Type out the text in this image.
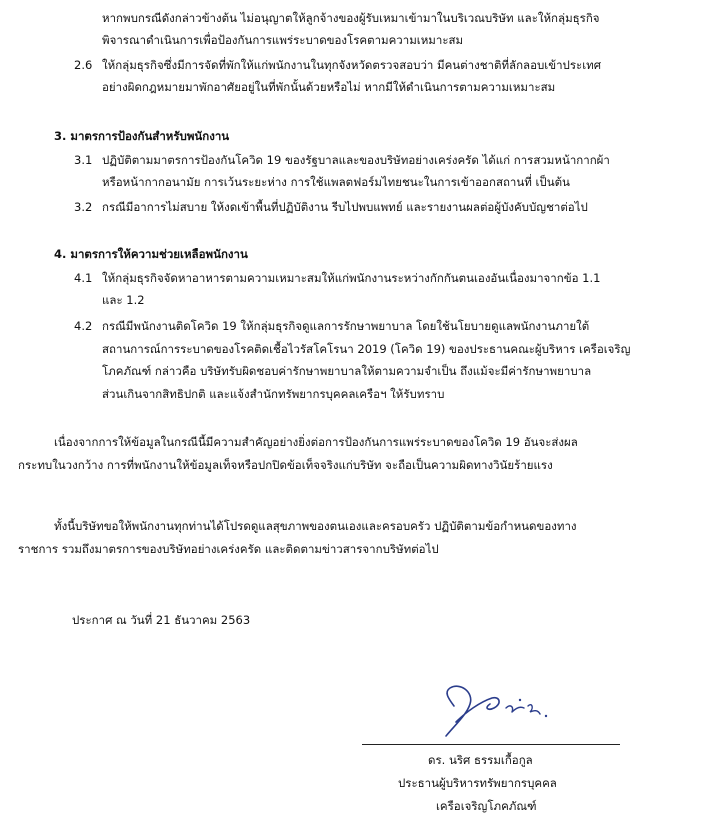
หากพบกรณีดังกล่าวข้างต้น ไม่อนุญาตให้ลูกจ้างของผู้รับเหมาเข้ามาในบริเวณบริษัท และให้กลุ่มธุรกิจ
พิจารณาดำเนินการเพื่อป้องกันการแพร่ระบาดของโรคตามความเหมาะสม
2.6 ให้กลุ่มธุรกิจซึ่งมีการจัดที่พักให้แก่พนักงานในทุกจังหวัดตรวจสอบว่า มีคนต่างชาติที่ลักลอบเข้าประเทศ
อย่างผิดกฎหมายมาพักอาศัยอยู่ในที่พักนั้นด้วยหรือไม่ หากมีให้ดำเนินการตามความเหมาะสม
3. มาตรการป้องกันสำหรับพนักงาน
3.1 ปฏิบัติตามมาตรการป้องกันโควิด 19 ของรัฐบาลและของบริษัทอย่างเคร่งครัด ได้แก่ การสวมหน้ากากผ้า
หรือหน้ากากอนามัย การเว้นระยะห่าง การใช้แพลตฟอร์มไทยชนะในการเข้าออกสถานที่ เป็นต้น
3.2 กรณีมีอาการไม่สบาย ให้งดเข้าพื้นที่ปฏิบัติงาน รีบไปพบแพทย์ และรายงานผลต่อผู้บังคับบัญชาต่อไป
4. มาตรการให้ความช่วยเหลือพนักงาน
4.1 ให้กลุ่มธุรกิจจัดหาอาหารตามความเหมาะสมให้แก่พนักงานระหว่างกักกันตนเองอันเนื่องมาจากข้อ 1.1
และ 1.2
4.2 กรณีมีพนักงานติดโควิด 19 ให้กลุ่มธุรกิจดูแลการรักษาพยาบาล โดยใช้นโยบายดูแลพนักงานภายใต้
สถานการณ์การระบาดของโรคติดเชื้อไวรัสโคโรนา 2019 (โควิด 19) ของประธานคณะผู้บริหาร เครือเจริญ
โภคภัณฑ์ กล่าวคือ บริษัทรับผิดชอบค่ารักษาพยาบาลให้ตามความจำเป็น ถึงแม้จะมีค่ารักษาพยาบาล
ส่วนเกินจากสิทธิปกติ และแจ้งสำนักทรัพยากรบุคคลเครือฯ ให้รับทราบ
เนื่องจากการให้ข้อมูลในกรณีนี้มีความสำคัญอย่างยิ่งต่อการป้องกันการแพร่ระบาดของโควิด 19 อันจะส่งผล
กระทบในวงกว้าง การที่พนักงานให้ข้อมูลเท็จหรือปกปิดข้อเท็จจริงแก่บริษัท จะถือเป็นความผิดทางวินัยร้ายแรง
ทั้งนี้บริษัทขอให้พนักงานทุกท่านได้โปรดดูแลสุขภาพของตนเองและครอบครัว ปฏิบัติตามข้อกำหนดของทาง
ราชการ รวมถึงมาตรการของบริษัทอย่างเคร่งครัด และติดตามข่าวสารจากบริษัทต่อไป
ประกาศ ณ วันที่ 21 ธันวาคม 2563
ดร. นริศ ธรรมเกื้อกูล
ประธานผู้บริหารทรัพยากรบุคคล
เครือเจริญโภคภัณฑ์
